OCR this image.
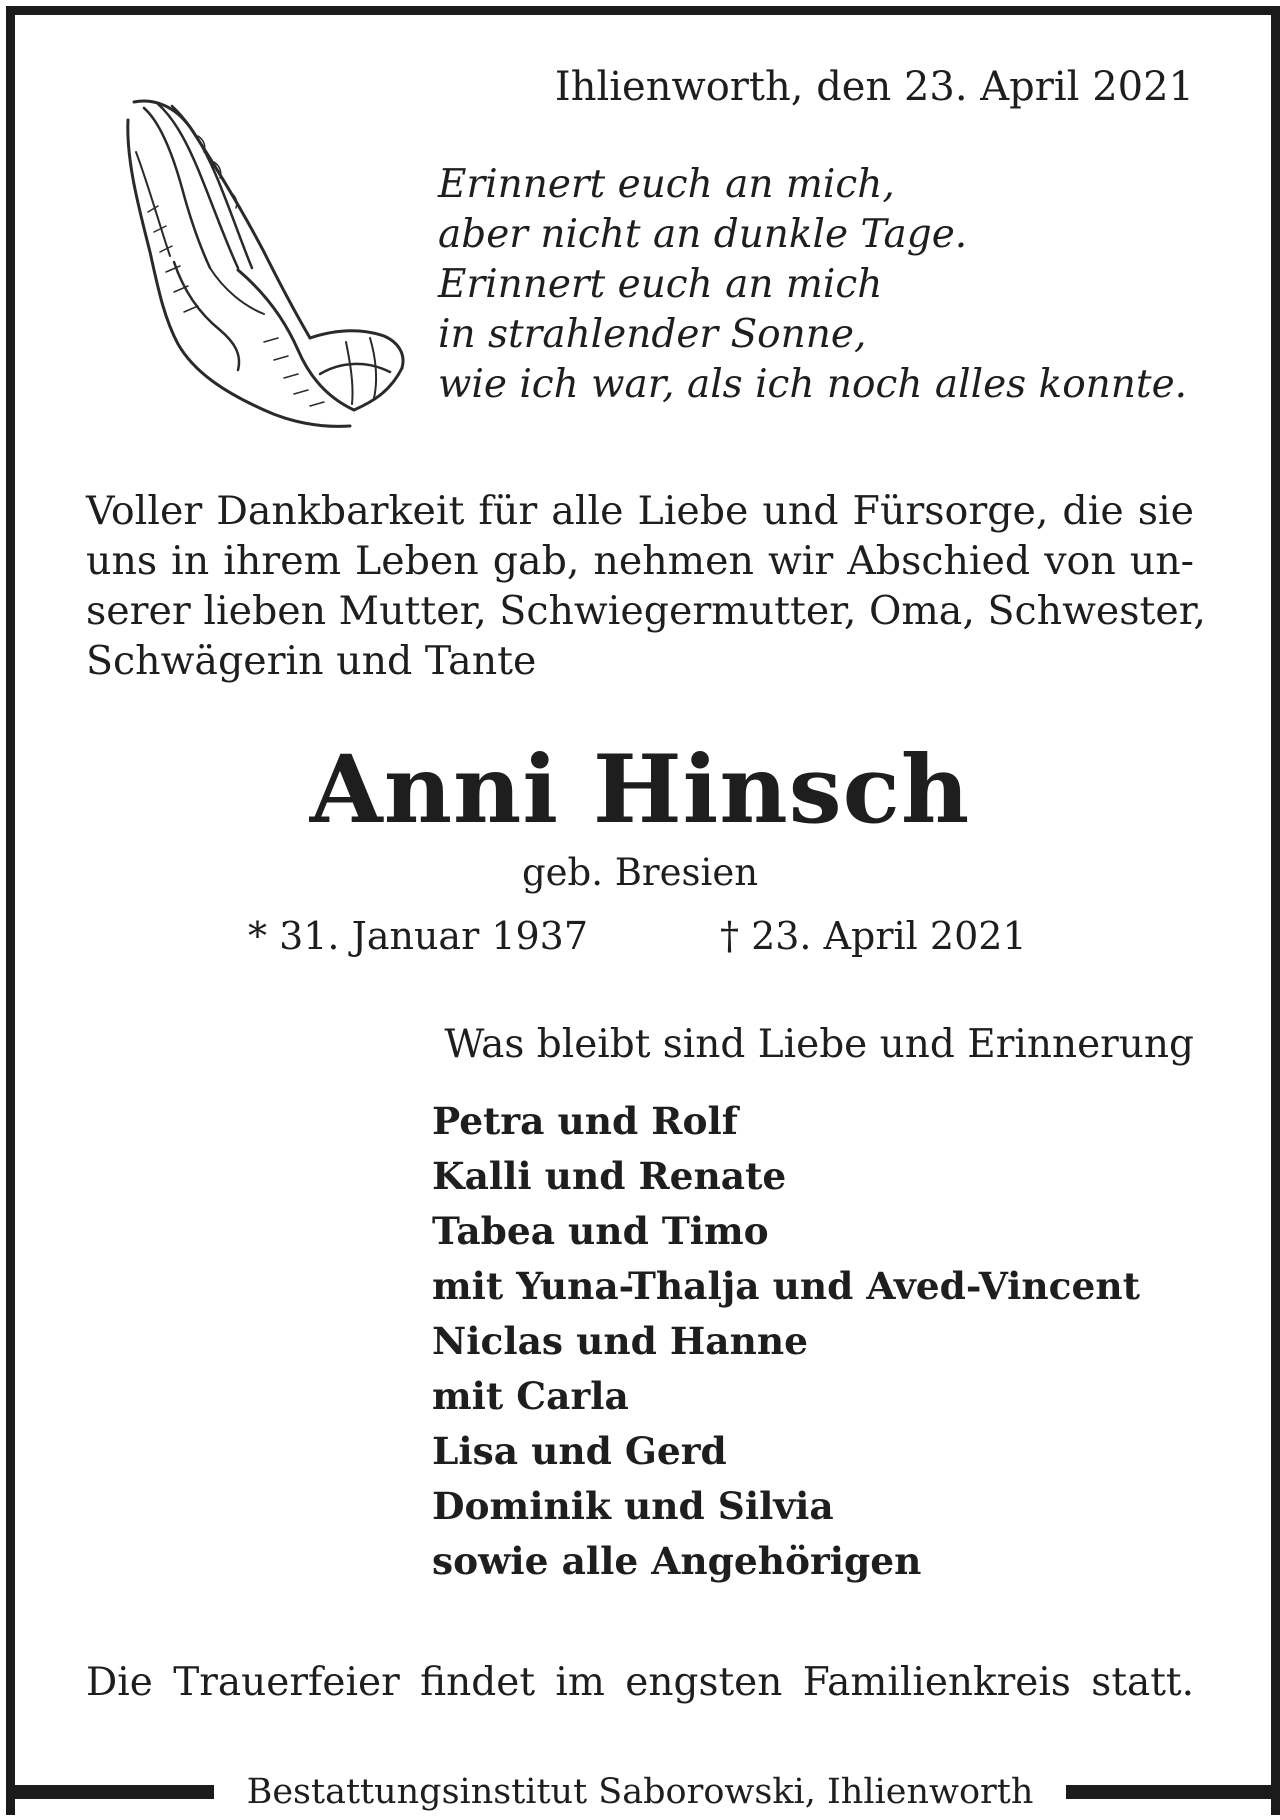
Ihlienworth, den 23. April 2021
Erinnert euch an mich,
aber nicht an dunkle Tage.
Erinnert euch an mich
in strahlender Sonne,
wie ich war, als ich noch alles konnte.
Voller Dankbarkeit für alle Liebe und Fürsorge, die sie
uns in ihrem Leben gab, nehmen wir Abschied von un-
serer lieben Mutter, Schwiegermutter, Oma, Schwester,
Schwägerin und Tante
Anni Hinsch
geb. Bresien
* 31. Januar 1937	† 23. April 2021
Was bleibt sind Liebe und Erinnerung
Petra und Rolf
Kalli und Renate
Tabea und Timo
mit Yuna-Thalja und Aved-Vincent
Niclas und Hanne
mit Carla
Lisa und Gerd
Dominik und Silvia
sowie alle Angehörigen
Die Trauerfeier findet im engsten Familienkreis statt.
Bestattungsinstitut Saborowski, Ihlienworth
